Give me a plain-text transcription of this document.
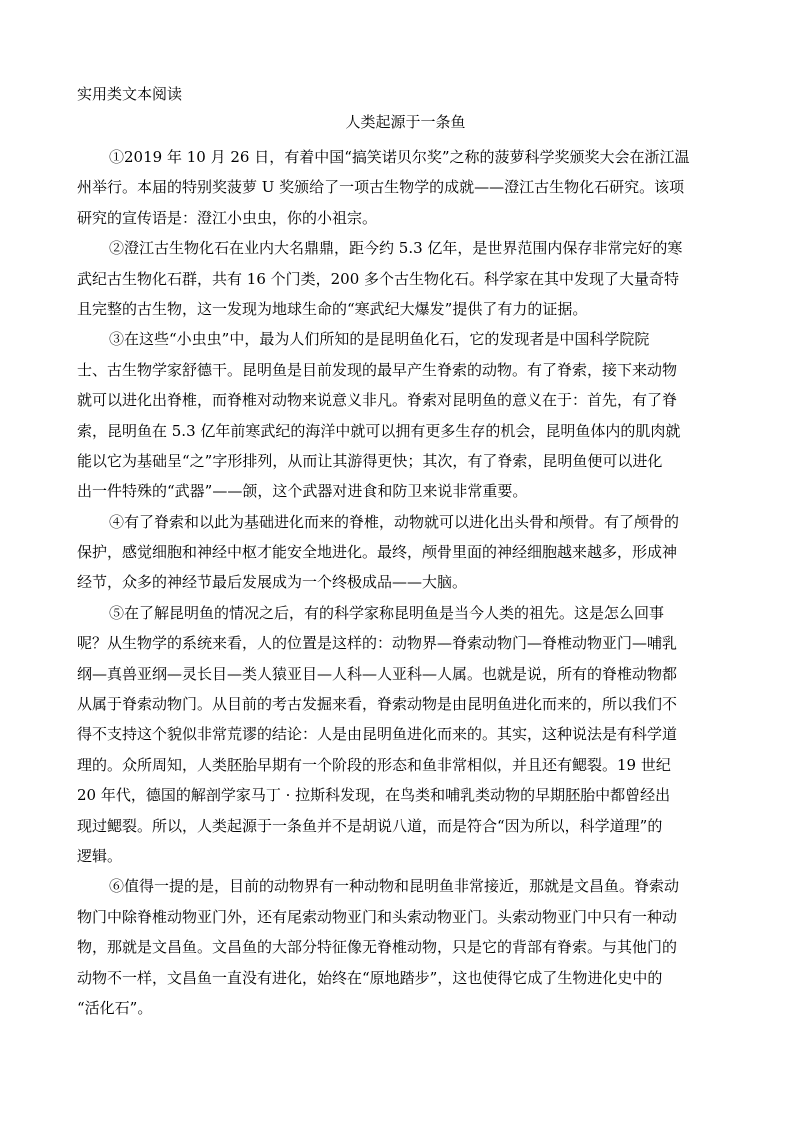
实用类文本阅读
人类起源于一条鱼

①2019 年 10 月 26 日，有着中国“搞笑诺贝尔奖”之称的菠萝科学奖颁奖大会在浙江温

州举行。本届的特别奖菠萝 U 奖颁给了一项古生物学的成就——澄江古生物化石研究。该项

研究的宣传语是：澄江小虫虫，你的小祖宗。

②澄江古生物化石在业内大名鼎鼎，距今约 5.3 亿年，是世界范围内保存非常完好的寒

武纪古生物化石群，共有 16 个门类，200 多个古生物化石。科学家在其中发现了大量奇特

且完整的古生物，这一发现为地球生命的“寒武纪大爆发”提供了有力的证据。

③在这些“小虫虫”中，最为人们所知的是昆明鱼化石，它的发现者是中国科学院院

士、古生物学家舒德干。昆明鱼是目前发现的最早产生脊索的动物。有了脊索，接下来动物

就可以进化出脊椎，而脊椎对动物来说意义非凡。脊索对昆明鱼的意义在于：首先，有了脊

索，昆明鱼在 5.3 亿年前寒武纪的海洋中就可以拥有更多生存的机会，昆明鱼体内的肌肉就

能以它为基础呈“之”字形排列，从而让其游得更快；其次，有了脊索，昆明鱼便可以进化

出一件特殊的“武器”——颌，这个武器对进食和防卫来说非常重要。

④有了脊索和以此为基础进化而来的脊椎，动物就可以进化出头骨和颅骨。有了颅骨的

保护，感觉细胞和神经中枢才能安全地进化。最终，颅骨里面的神经细胞越来越多，形成神

经节，众多的神经节最后发展成为一个终极成品——大脑。

⑤在了解昆明鱼的情况之后，有的科学家称昆明鱼是当今人类的祖先。这是怎么回事

呢？从生物学的系统来看，人的位置是这样的：动物界—脊索动物门—脊椎动物亚门—哺乳

纲—真兽亚纲—灵长目—类人猿亚目—人科—人亚科—人属。也就是说，所有的脊椎动物都

从属于脊索动物门。从目前的考古发掘来看，脊索动物是由昆明鱼进化而来的，所以我们不

得不支持这个貌似非常荒谬的结论：人是由昆明鱼进化而来的。其实，这种说法是有科学道

理的。众所周知，人类胚胎早期有一个阶段的形态和鱼非常相似，并且还有鳃裂。19 世纪

20 年代，德国的解剖学家马丁 · 拉斯科发现，在鸟类和哺乳类动物的早期胚胎中都曾经出

现过鳃裂。所以，人类起源于一条鱼并不是胡说八道，而是符合“因为所以，科学道理”的

逻辑。

⑥值得一提的是，目前的动物界有一种动物和昆明鱼非常接近，那就是文昌鱼。脊索动

物门中除脊椎动物亚门外，还有尾索动物亚门和头索动物亚门。头索动物亚门中只有一种动

物，那就是文昌鱼。文昌鱼的大部分特征像无脊椎动物，只是它的背部有脊索。与其他门的

动物不一样，文昌鱼一直没有进化，始终在“原地踏步”，这也使得它成了生物进化史中的

“活化石”。
